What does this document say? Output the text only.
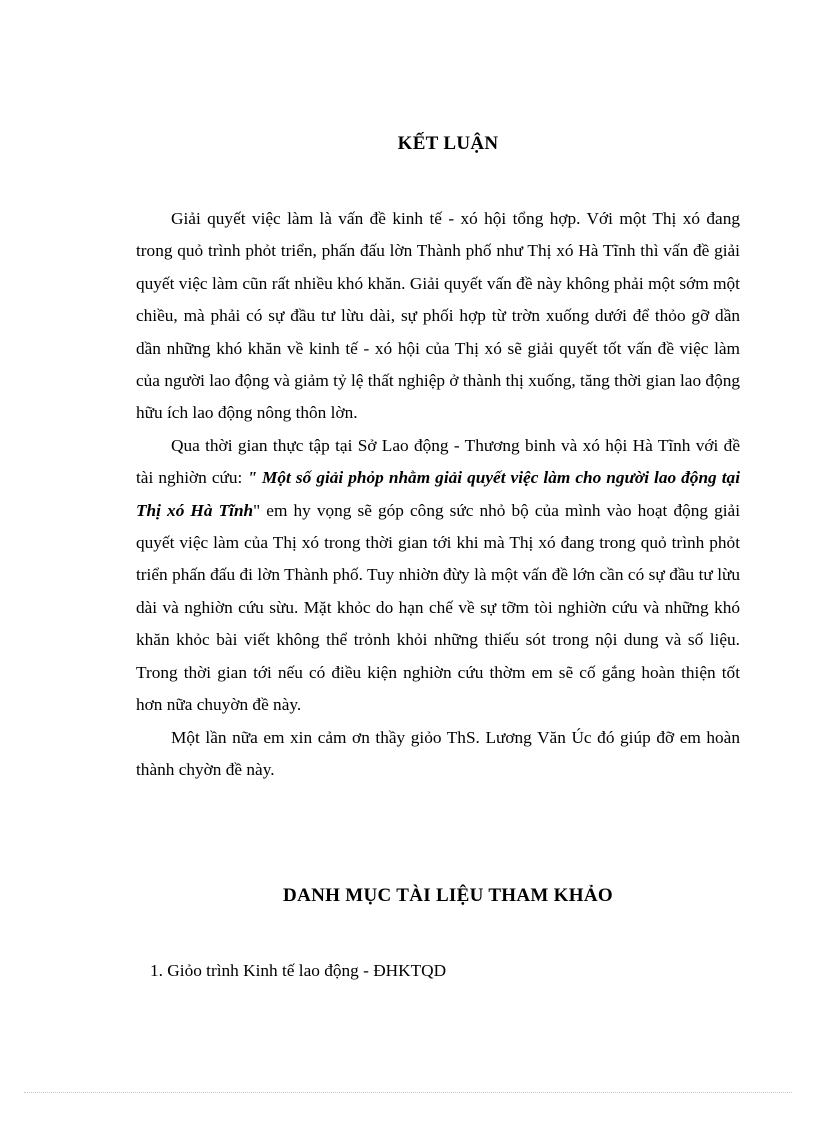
KẾT LUẬN

Giải quyết việc làm là vấn đề kinh tế - xó hội tổng hợp. Với một Thị xó đang trong quỏ trình phỏt triển, phấn đấu lờn Thành phố như Thị xó Hà Tĩnh thì vấn đề giải quyết việc làm cũn rất nhiều khó khăn. Giải quyết vấn đề này không phải một sớm một chiều, mà phải có sự đầu tư lừu dài, sự phối hợp từ trờn xuống dưới để thỏo gỡ dần dần những khó khăn về kinh tế - xó hội của Thị xó sẽ giải quyết tốt vấn đề việc làm của người lao động và giảm tỷ lệ thất nghiệp ở thành thị xuống, tăng thời gian lao động hữu ích lao động nông thôn lờn.

Qua thời gian thực tập tại Sở Lao động - Thương binh và xó hội Hà Tĩnh với đề tài nghiờn cứu: " Một số giải phỏp nhằm giải quyết việc làm cho người lao động tại Thị xó Hà Tĩnh" em hy vọng sẽ góp công sức nhỏ bộ của mình vào hoạt động giải quyết việc làm của Thị xó trong thời gian tới khi mà Thị xó đang trong quỏ trình phỏt triển phấn đấu đi lờn Thành phố. Tuy nhiờn đừy là một vấn đề lớn cần có sự đầu tư lừu dài và nghiờn cứu sừu. Mặt khỏc do hạn chế về sự tỡm tòi nghiờn cứu và những khó khăn khỏc bài viết không thể trỏnh khỏi những thiếu sót trong nội dung và số liệu. Trong thời gian tới nếu có điều kiện nghiờn cứu thờm em sẽ cố gắng hoàn thiện tốt hơn nữa chuyờn đề này.

Một lần nữa em xin cảm ơn thầy giỏo ThS. Lương Văn Úc đó giúp đỡ em hoàn thành chyờn đề này.

DANH MỤC TÀI LIỆU THAM KHẢO
1. Giỏo trình Kinh tế lao động - ĐHKTQD
